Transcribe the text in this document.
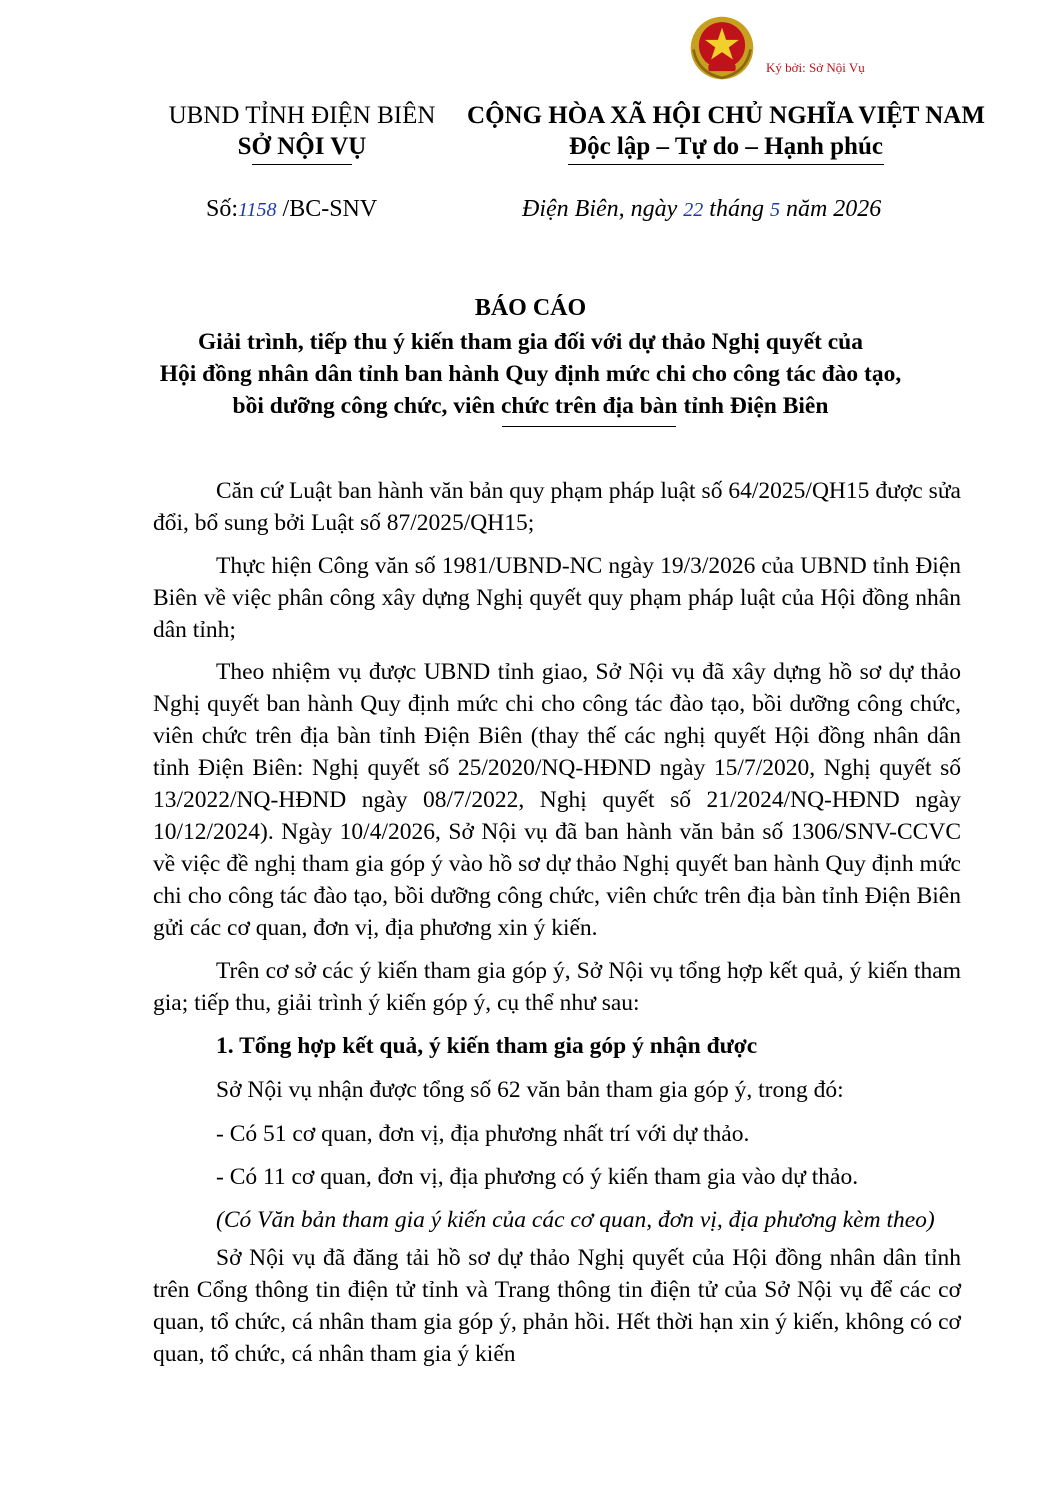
Ký bởi: Sở Nội Vụ
UBND TỈNH ĐIỆN BIÊN
SỞ NỘI VỤ
CỘNG HÒA XÃ HỘI CHỦ NGHĨA VIỆT NAM
Độc lập – Tự do – Hạnh phúc
Số:1158 /BC-SNV	Điện Biên, ngày 22 tháng 5 năm 2026
BÁO CÁO
Giải trình, tiếp thu ý kiến tham gia đối với dự thảo Nghị quyết của
Hội đồng nhân dân tỉnh ban hành Quy định mức chi cho công tác đào tạo,
bồi dưỡng công chức, viên chức trên địa bàn tỉnh Điện Biên
Căn cứ Luật ban hành văn bản quy phạm pháp luật số 64/2025/QH15 được sửa đổi, bổ sung bởi Luật số 87/2025/QH15;
Thực hiện Công văn số 1981/UBND-NC ngày 19/3/2026 của UBND tỉnh Điện Biên về việc phân công xây dựng Nghị quyết quy phạm pháp luật của Hội đồng nhân dân tỉnh;
Theo nhiệm vụ được UBND tỉnh giao, Sở Nội vụ đã xây dựng hồ sơ dự thảo Nghị quyết ban hành Quy định mức chi cho công tác đào tạo, bồi dưỡng công chức, viên chức trên địa bàn tỉnh Điện Biên (thay thế các nghị quyết Hội đồng nhân dân tỉnh Điện Biên: Nghị quyết số 25/2020/NQ-HĐND ngày 15/7/2020, Nghị quyết số 13/2022/NQ-HĐND ngày 08/7/2022, Nghị quyết số 21/2024/NQ-HĐND ngày 10/12/2024). Ngày 10/4/2026, Sở Nội vụ đã ban hành văn bản số 1306/SNV-CCVC về việc đề nghị tham gia góp ý vào hồ sơ dự thảo Nghị quyết ban hành Quy định mức chi cho công tác đào tạo, bồi dưỡng công chức, viên chức trên địa bàn tỉnh Điện Biên gửi các cơ quan, đơn vị, địa phương xin ý kiến.
Trên cơ sở các ý kiến tham gia góp ý, Sở Nội vụ tổng hợp kết quả, ý kiến tham gia; tiếp thu, giải trình ý kiến góp ý, cụ thể như sau:
1. Tổng hợp kết quả, ý kiến tham gia góp ý nhận được
Sở Nội vụ nhận được tổng số 62 văn bản tham gia góp ý, trong đó:
- Có 51 cơ quan, đơn vị, địa phương nhất trí với dự thảo.
- Có 11 cơ quan, đơn vị, địa phương có ý kiến tham gia vào dự thảo.
(Có Văn bản tham gia ý kiến của các cơ quan, đơn vị, địa phương kèm theo)
Sở Nội vụ đã đăng tải hồ sơ dự thảo Nghị quyết của Hội đồng nhân dân tỉnh trên Cổng thông tin điện tử tỉnh và Trang thông tin điện tử của Sở Nội vụ để các cơ quan, tổ chức, cá nhân tham gia góp ý, phản hồi. Hết thời hạn xin ý kiến, không có cơ quan, tổ chức, cá nhân tham gia ý kiến
